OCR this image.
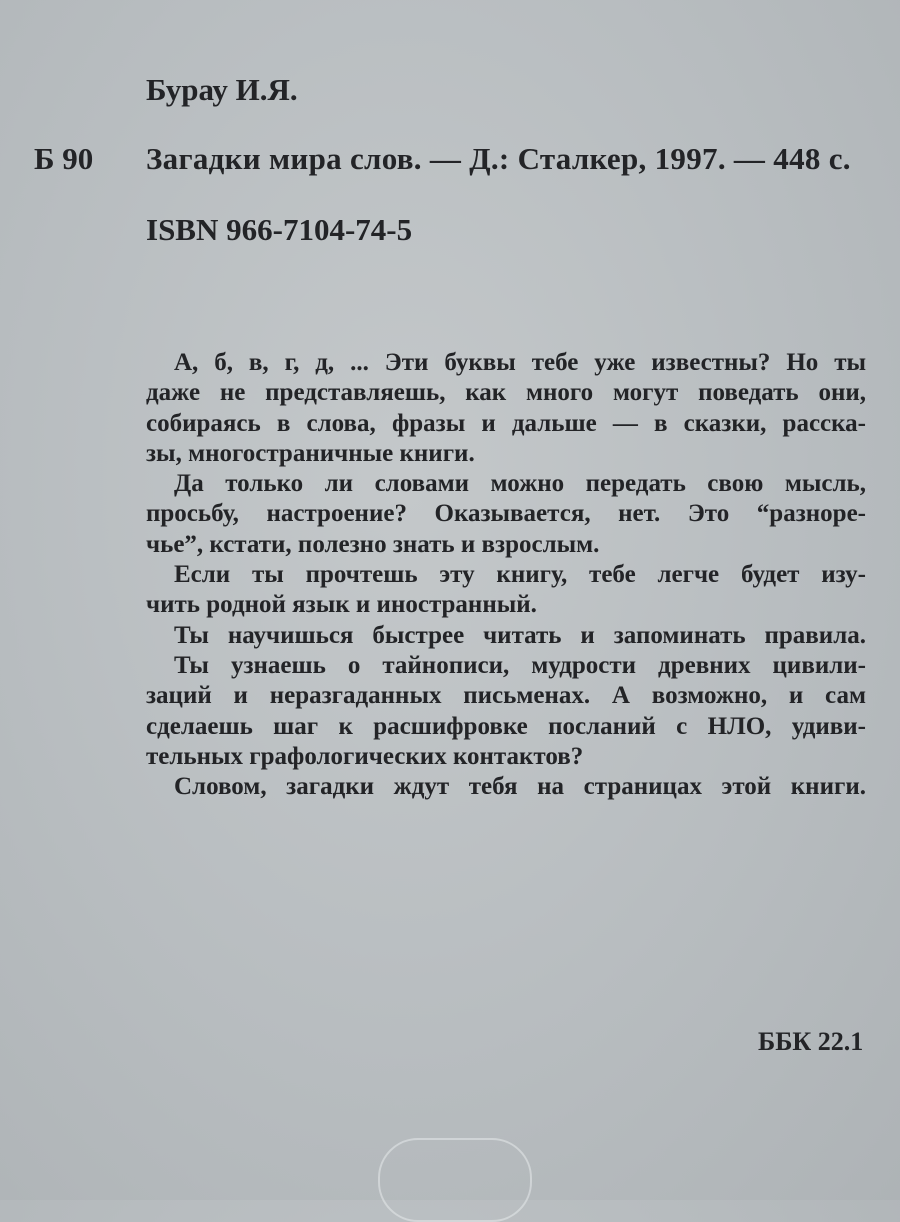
Бурау И.Я.
Б 90 Загадки мира слов. — Д.: Сталкер, 1997. — 448 с.
ISBN 966-7104-74-5
А, б, в, г, д, ... Эти буквы тебе уже известны? Но ты
даже не представляешь, как много могут поведать они,
собираясь в слова, фразы и дальше — в сказки, расска-
зы, многостраничные книги.
Да только ли словами можно передать свою мысль,
просьбу, настроение? Оказывается, нет. Это “разноре-
чье”, кстати, полезно знать и взрослым.
Если ты прочтешь эту книгу, тебе легче будет изу-
чить родной язык и иностранный.
Ты научишься быстрее читать и запоминать правила.
Ты узнаешь о тайнописи, мудрости древних цивили-
заций и неразгаданных письменах. А возможно, и сам
сделаешь шаг к расшифровке посланий с НЛО, удиви-
тельных графологических контактов?
Словом, загадки ждут тебя на страницах этой книги.
ББК 22.1
